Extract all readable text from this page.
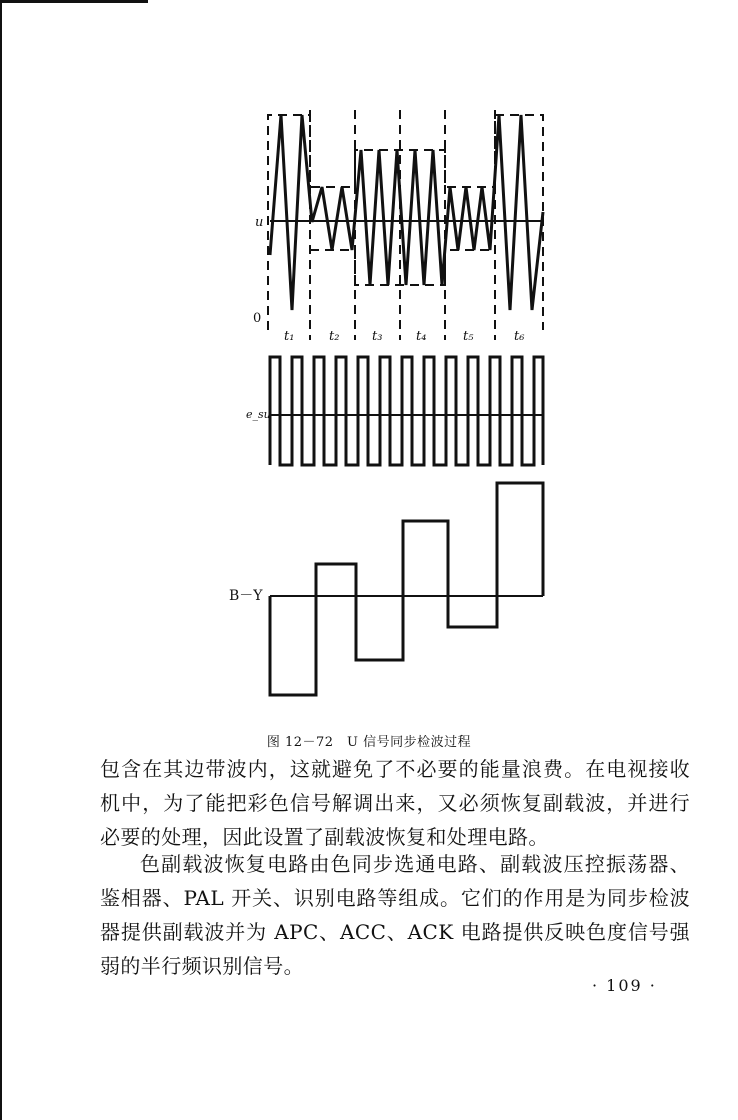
u
0
t₁	t₂	t₃	t₄	t₅	t₆
e_su
B－Y
图 12－72　U 信号同步检波过程

包含在其边带波内，这就避免了不必要的能量浪费。在电视接收机中，为了能把彩色信号解调出来，又必须恢复副载波，并进行必要的处理，因此设置了副载波恢复和处理电路。

色副载波恢复电路由色同步选通电路、副载波压控振荡器、鉴相器、PAL 开关、识别电路等组成。它们的作用是为同步检波器提供副载波并为 APC、ACC、ACK 电路提供反映色度信号强弱的半行频识别信号。

· 109 ·
